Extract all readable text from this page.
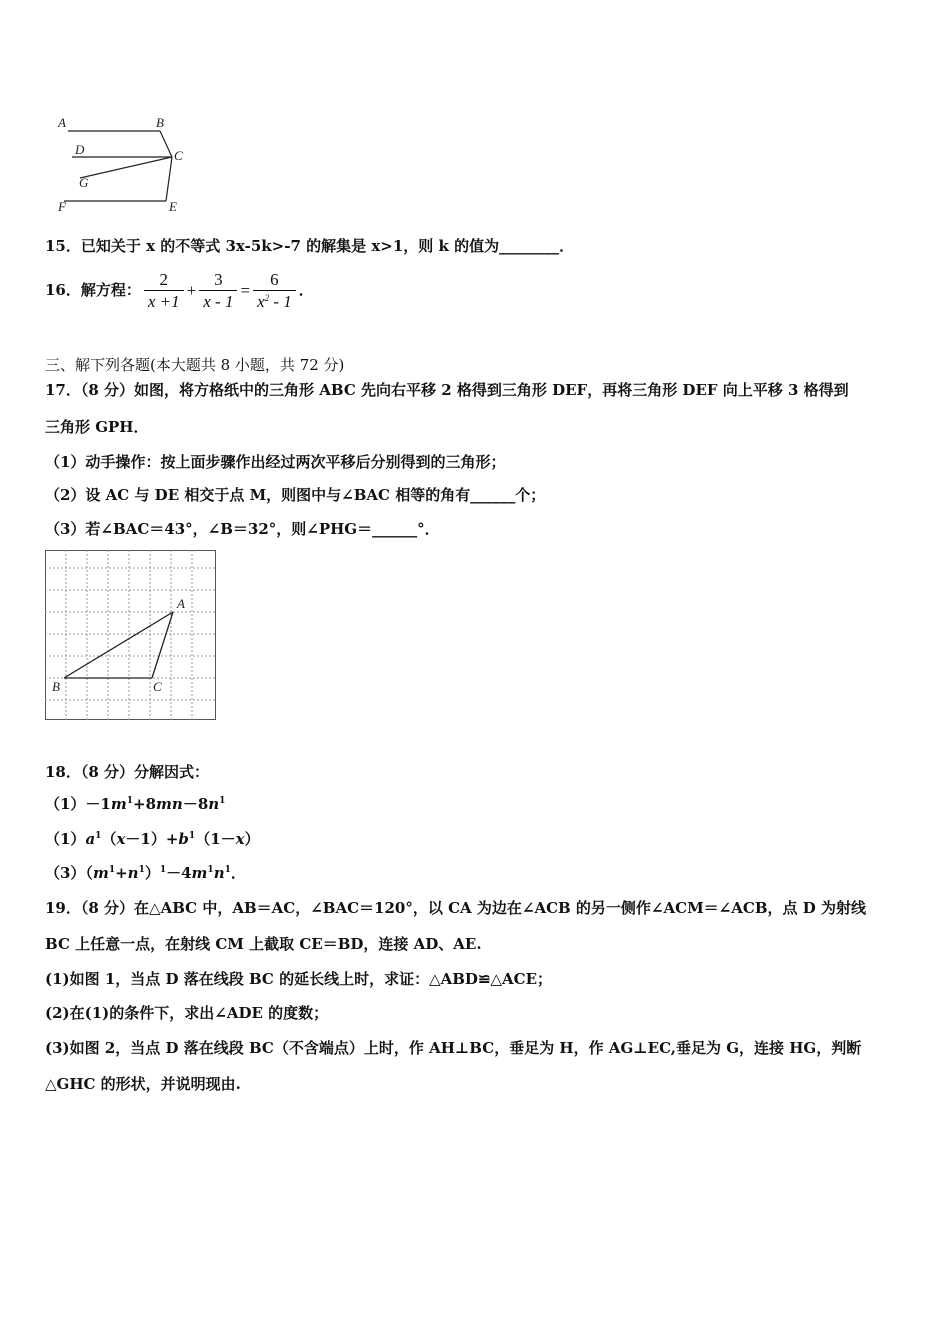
A	B
D	C
G
F	E
15．已知关于 x 的不等式 3x-5k>-7 的解集是 x>1，则 k 的值为________．
16．解方程： $\frac{2}{x +1} + \frac{3}{x - 1} = \frac{6}{x^2 - 1}$ ．
三、解下列各题(本大题共 8 小题，共 72 分)
17．（8 分）如图，将方格纸中的三角形 ABC 先向右平移 2 格得到三角形 DEF，再将三角形 DEF 向上平移 3 格得到
三角形 GPH．
（1）动手操作：按上面步骤作出经过两次平移后分别得到的三角形；
（2）设 AC 与 DE 相交于点 M，则图中与∠BAC 相等的角有______个；
（3）若∠BAC＝43°，∠B＝32°，则∠PHG＝______°．
A
B	C
18．（8 分）分解因式：
$(1)-1m^1+8mn-8n^1$
$(1)a^1(x-1)+b^1(1-x)$
$(3)(m^1+n^1)^1-4m^1n^1$．
19．（8 分）在△ABC 中，AB＝AC，∠BAC＝120°，以 CA 为边在∠ACB 的另一侧作∠ACM＝∠ACB，点 D 为射线
BC 上任意一点，在射线 CM 上截取 CE＝BD，连接 AD、AE.
(1)如图 1，当点 D 落在线段 BC 的延长线上时，求证：△ABD≌△ACE；
(2)在(1)的条件下，求出∠ADE 的度数；
(3)如图 2，当点 D 落在线段 BC（不含端点）上时，作 AH⊥BC，垂足为 H，作 AG⊥EC,垂足为 G，连接 HG，判断
△GHC 的形状，并说明现由.
